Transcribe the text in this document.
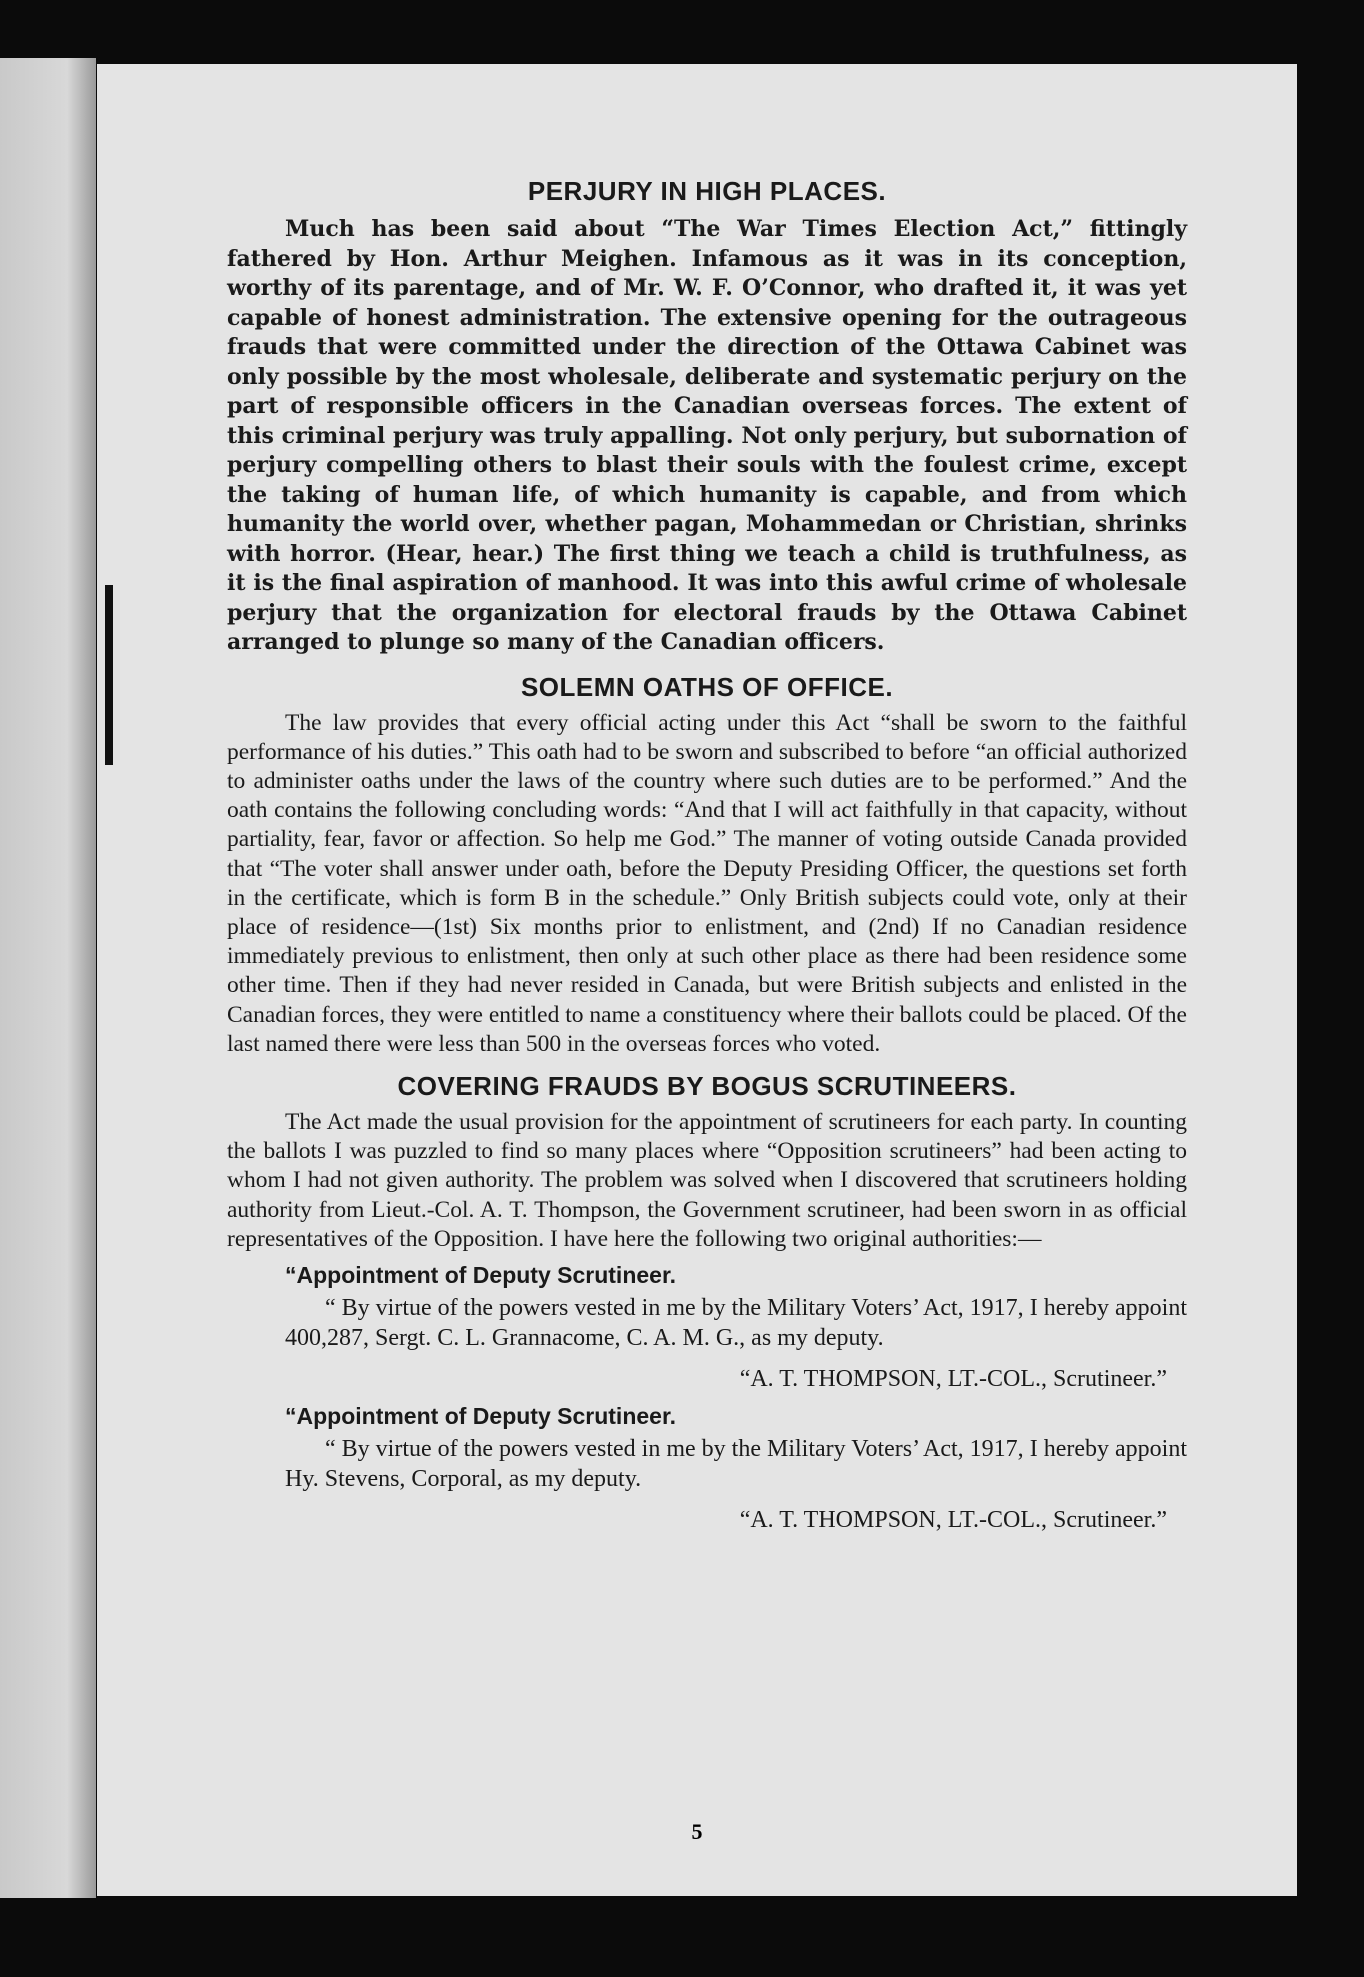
PERJURY IN HIGH PLACES.

Much has been said about “The War Times Election Act,” fittingly fathered by Hon. Arthur Meighen. Infamous as it was in its conception, worthy of its parentage, and of Mr. W. F. O’Connor, who drafted it, it was yet capable of honest administration. The extensive opening for the outrageous frauds that were committed under the direction of the Ottawa Cabinet was only possible by the most wholesale, deliberate and systematic perjury on the part of responsible officers in the Canadian overseas forces. The extent of this criminal perjury was truly appalling. Not only perjury, but subornation of perjury compelling others to blast their souls with the foulest crime, except the taking of human life, of which humanity is capable, and from which humanity the world over, whether pagan, Mohammedan or Christian, shrinks with horror. (Hear, hear.) The first thing we teach a child is truthfulness, as it is the final aspiration of manhood. It was into this awful crime of wholesale perjury that the organization for electoral frauds by the Ottawa Cabinet arranged to plunge so many of the Canadian officers.

SOLEMN OATHS OF OFFICE.

The law provides that every official acting under this Act “shall be sworn to the faithful performance of his duties.” This oath had to be sworn and subscribed to before “an official authorized to administer oaths under the laws of the country where such duties are to be performed.” And the oath contains the following concluding words: “And that I will act faithfully in that capacity, without partiality, fear, favor or affection. So help me God.” The manner of voting outside Canada provided that “The voter shall answer under oath, before the Deputy Presiding Officer, the questions set forth in the certificate, which is form B in the schedule.” Only British subjects could vote, only at their place of residence—(1st) Six months prior to enlistment, and (2nd) If no Canadian residence immediately previous to enlistment, then only at such other place as there had been residence some other time. Then if they had never resided in Canada, but were British subjects and enlisted in the Canadian forces, they were entitled to name a constituency where their ballots could be placed. Of the last named there were less than 500 in the overseas forces who voted.

COVERING FRAUDS BY BOGUS SCRUTINEERS.

The Act made the usual provision for the appointment of scrutineers for each party. In counting the ballots I was puzzled to find so many places where “Opposition scrutineers” had been acting to whom I had not given authority. The problem was solved when I discovered that scrutineers holding authority from Lieut.-Col. A. T. Thompson, the Government scrutineer, had been sworn in as official representatives of the Opposition. I have here the following two original authorities:—

“Appointment of Deputy Scrutineer.
“ By virtue of the powers vested in me by the Military Voters’ Act, 1917, I hereby appoint 400,287, Sergt. C. L. Grannacome, C. A. M. G., as my deputy.
“A. T. THOMPSON, LT.-COL., Scrutineer.”
“Appointment of Deputy Scrutineer.
“ By virtue of the powers vested in me by the Military Voters’ Act, 1917, I hereby appoint Hy. Stevens, Corporal, as my deputy.
“A. T. THOMPSON, LT.-COL., Scrutineer.”
5
